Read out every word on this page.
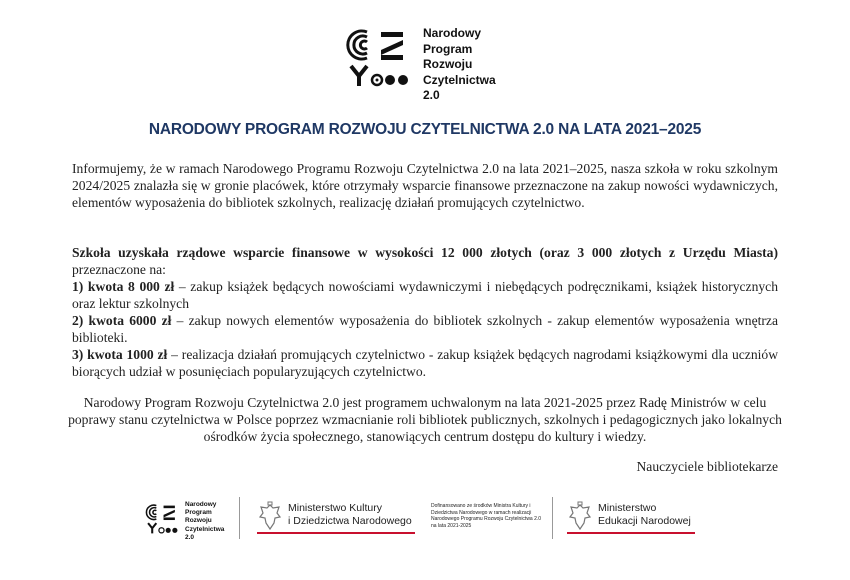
Narodowy
Program
Rozwoju
Czytelnictwa
2.0
NARODOWY PROGRAM ROZWOJU CZYTELNICTWA 2.0 NA LATA 2021–2025
Informujemy, że w ramach Narodowego Programu Rozwoju Czytelnictwa 2.0 na lata 2021–2025, nasza szkoła w roku szkolnym 2024/2025 znalazła się w gronie placówek, które otrzymały wsparcie finansowe przeznaczone na zakup nowości wydawniczych, elementów wyposażenia do bibliotek szkolnych, realizację działań promujących czytelnictwo.
Szkoła uzyskała rządowe wsparcie finansowe w wysokości 12 000 złotych (oraz 3 000 złotych z Urzędu Miasta) przeznaczone na:
1) kwota 8 000 zł – zakup książek będących nowościami wydawniczymi i niebędących podręcznikami, książek historycznych oraz lektur szkolnych
2) kwota 6000 zł – zakup nowych elementów wyposażenia do bibliotek szkolnych - zakup elementów wyposażenia wnętrza biblioteki.
3) kwota 1000 zł – realizacja działań promujących czytelnictwo - zakup książek będących nagrodami książkowymi dla uczniów biorących udział w posunięciach popularyzujących czytelnictwo.
Narodowy Program Rozwoju Czytelnictwa 2.0 jest programem uchwalonym na lata 2021-2025 przez Radę Ministrów w celu poprawy stanu czytelnictwa w Polsce poprzez wzmacnianie roli bibliotek publicznych, szkolnych i pedagogicznych jako lokalnych ośrodków życia społecznego, stanowiących centrum dostępu do kultury i wiedzy.
Nauczyciele bibliotekarze
Narodowy
Program
Rozwoju
Czytelnictwa
2.0
Ministerstwo Kultury
i Dziedzictwa Narodowego
Dofinansowano ze środków Ministra Kultury i Dziedzictwa Narodowego w ramach realizacji Narodowego Programu Rozwoju Czytelnictwa 2.0 na lata 2021-2025
Ministerstwo
Edukacji Narodowej
